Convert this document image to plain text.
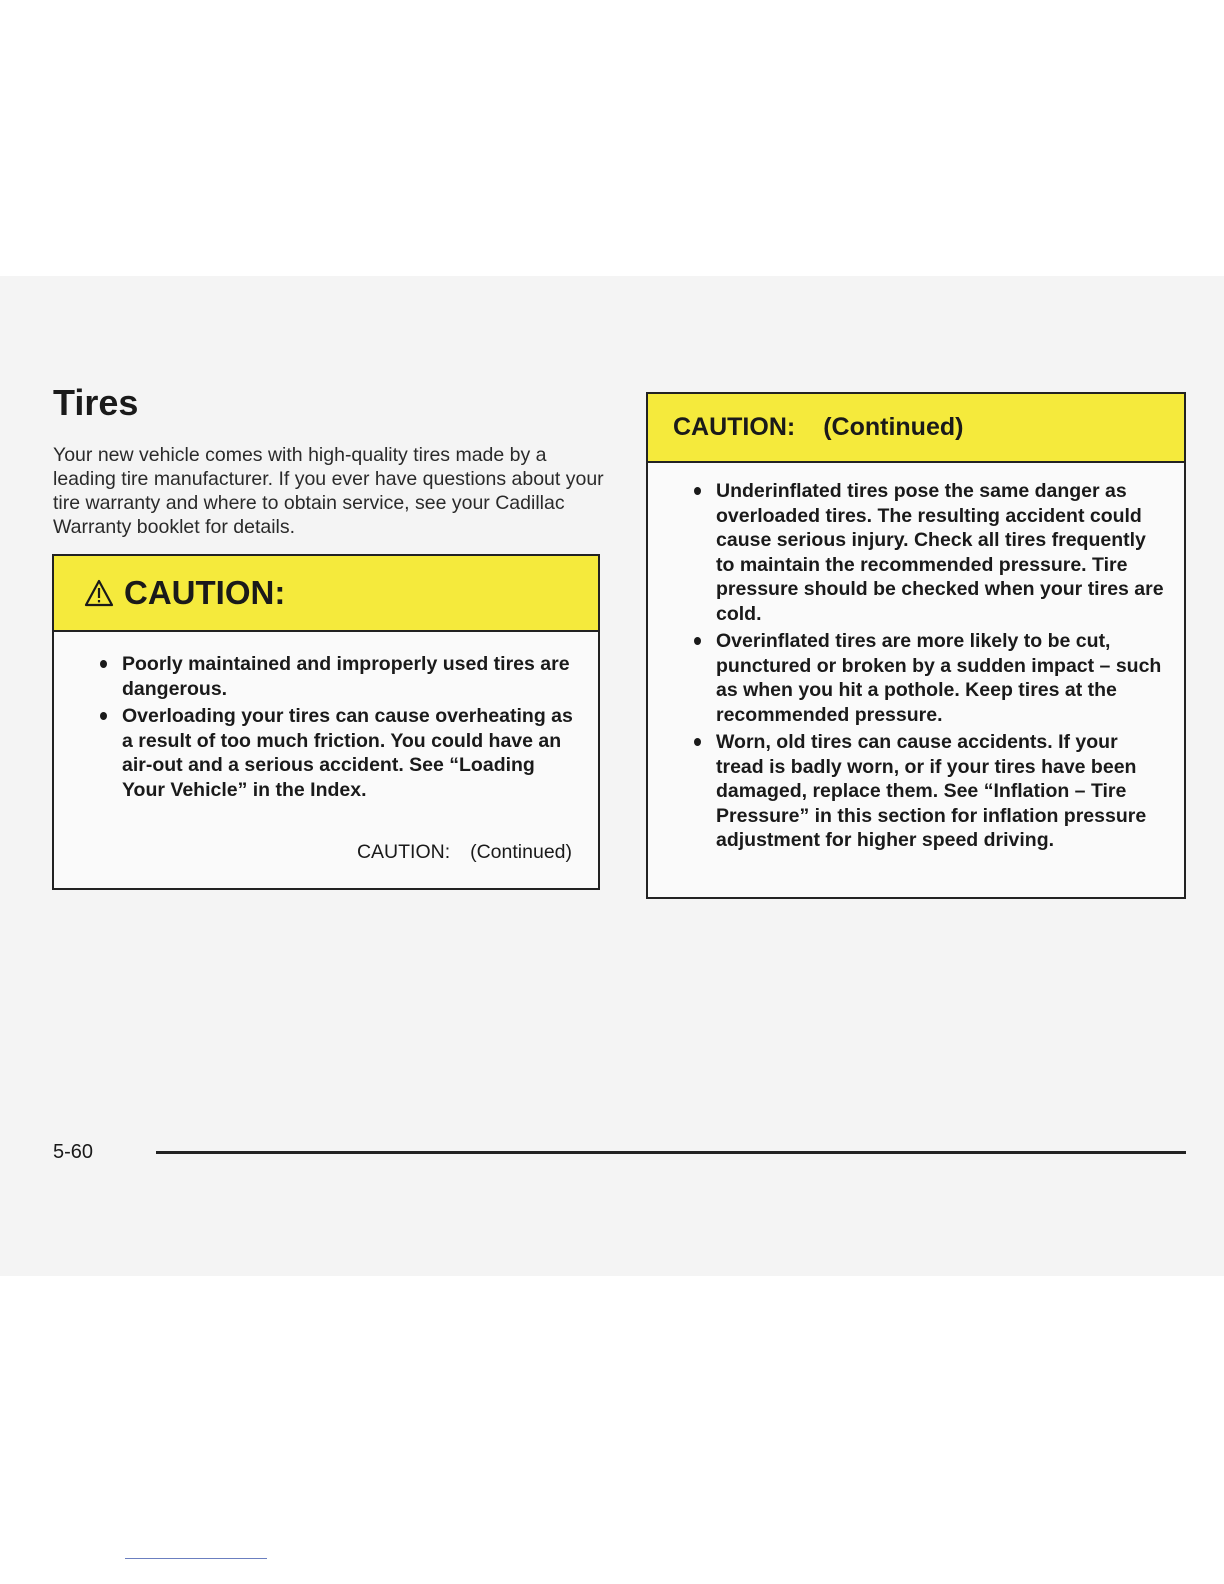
Tires

Your new vehicle comes with high-quality tires made by a leading tire manufacturer. If you ever have questions about your tire warranty and where to obtain service, see your Cadillac Warranty booklet for details.

CAUTION:
Poorly maintained and improperly used tires are dangerous.
Overloading your tires can cause overheating as a result of too much friction. You could have an air-out and a serious accident. See “Loading Your Vehicle” in the Index.
CAUTION: (Continued)
CAUTION: (Continued)
Underinflated tires pose the same danger as overloaded tires. The resulting accident could cause serious injury. Check all tires frequently to maintain the recommended pressure. Tire pressure should be checked when your tires are cold.
Overinflated tires are more likely to be cut, punctured or broken by a sudden impact – such as when you hit a pothole. Keep tires at the recommended pressure.
Worn, old tires can cause accidents. If your tread is badly worn, or if your tires have been damaged, replace them. See “Inflation – Tire Pressure” in this section for inflation pressure adjustment for higher speed driving.
5-60
